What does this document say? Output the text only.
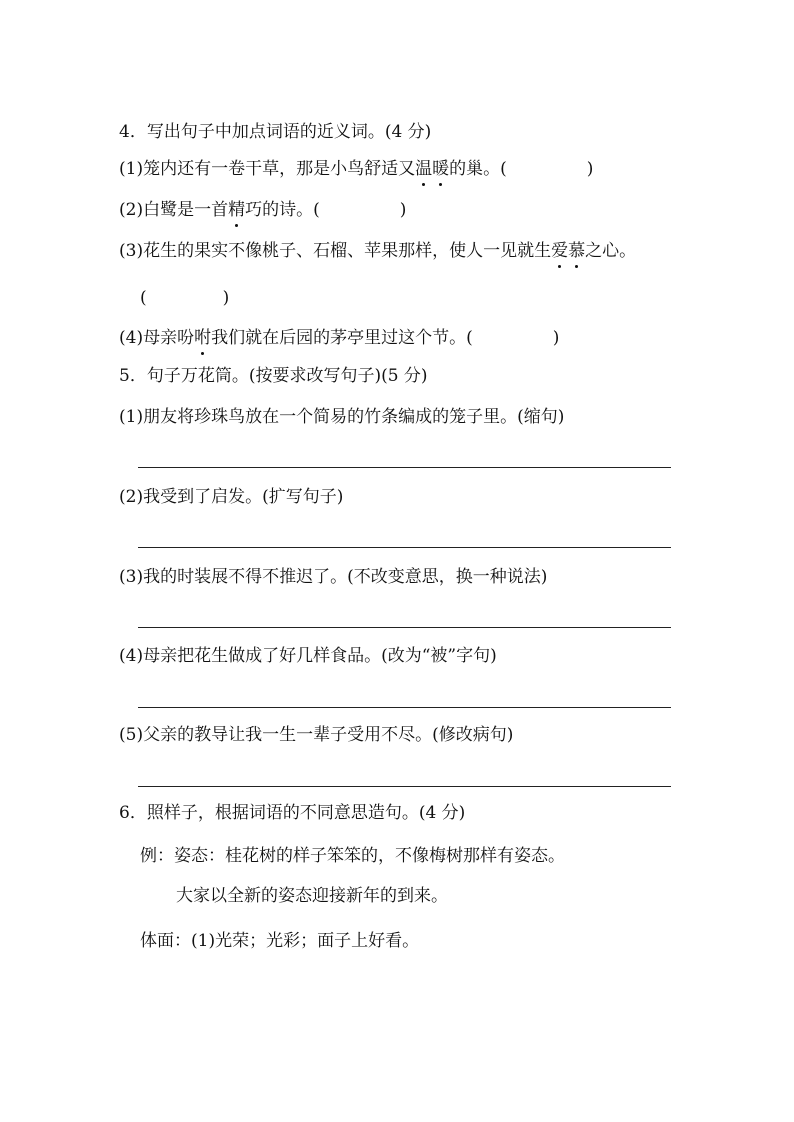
4．写出句子中加点词语的近义词。(4 分)
(1)笼内还有一卷干草，那是小鸟舒适又温暖的巢。(	)
(2)白鹭是一首精巧的诗。(	)
(3)花生的果实不像桃子、石榴、苹果那样，使人一见就生爱慕之心。
(	)
(4)母亲吩咐我们就在后园的茅亭里过这个节。(	)
5．句子万花筒。(按要求改写句子)(5 分)
(1)朋友将珍珠鸟放在一个简易的竹条编成的笼子里。(缩句)
(2)我受到了启发。(扩写句子)
(3)我的时装展不得不推迟了。(不改变意思，换一种说法)
(4)母亲把花生做成了好几样食品。(改为“被”字句)
(5)父亲的教导让我一生一辈子受用不尽。(修改病句)
6．照样子，根据词语的不同意思造句。(4 分)
例：姿态：桂花树的样子笨笨的，不像梅树那样有姿态。
大家以全新的姿态迎接新年的到来。
体面：(1)光荣；光彩；面子上好看。
